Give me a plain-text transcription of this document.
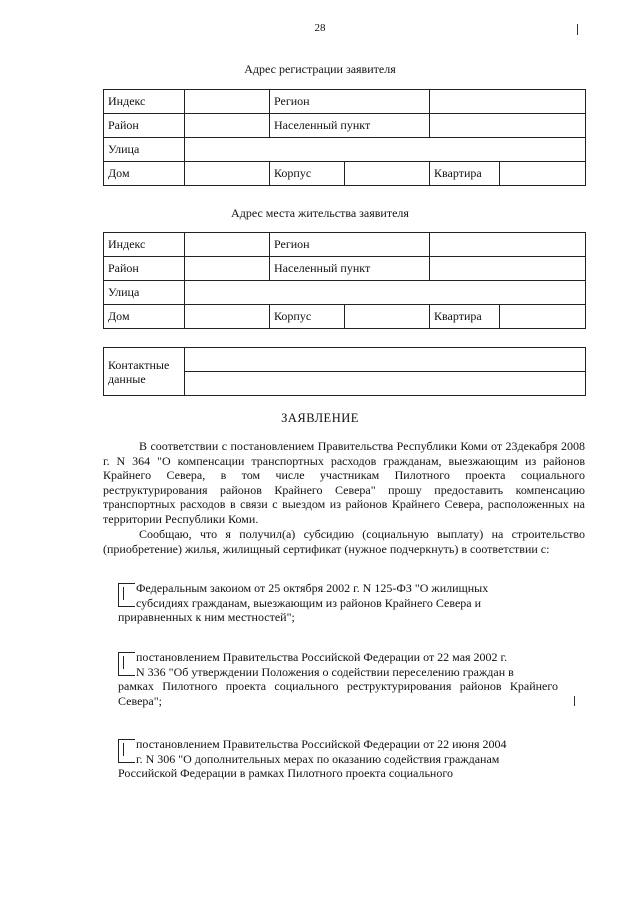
28
Адрес регистрации заявителя
Индекс		Регион			
Район		Населенный пункт			
Улица					
Дом		Корпус		Квартира	
Адрес места жительства заявителя
Индекс		Регион			
Район		Населенный пункт			
Улица					
Дом		Корпус		Квартира	
Контактные данные	

ЗАЯВЛЕНИЕ

В соответствии с постановлением Правительства Республики Коми от 23декабря 2008 г. N 364 "О компенсации транспортных расходов гражданам, выезжающим из районов Крайнего Севера, в том числе участникам Пилотного проекта социального реструктурирования районов Крайнего Севера" прошу предоставить компенсацию транспортных расходов в связи с выездом из районов Крайнего Севера, расположенных на территории Республики Коми.

Сообщаю, что я получил(а) субсидию (социальную выплату) на строительство (приобретение) жилья, жилищный сертификат (нужное подчеркнуть) в соответствии с:

Федеральным закоиом от 25 октября 2002 г. N 125-ФЗ "О жилищных
субсидиях гражданам, выезжающим из районов Крайнего Севера и
приравненных к ним местностей";

постановлением Правительства Российской Федерации от 22 мая 2002 г.
N 336 "Об утверждении Положения о содействии переселению граждан в
рамках Пилотного проекта социального реструктурирования районов Крайнего Севера";

постановлением Правительства Российской Федерации от 22 июня 2004
г. N 306 "О дополнительных мерах по оказанию содействия гражданам
Российской Федерации в рамках Пилотного проекта социального
